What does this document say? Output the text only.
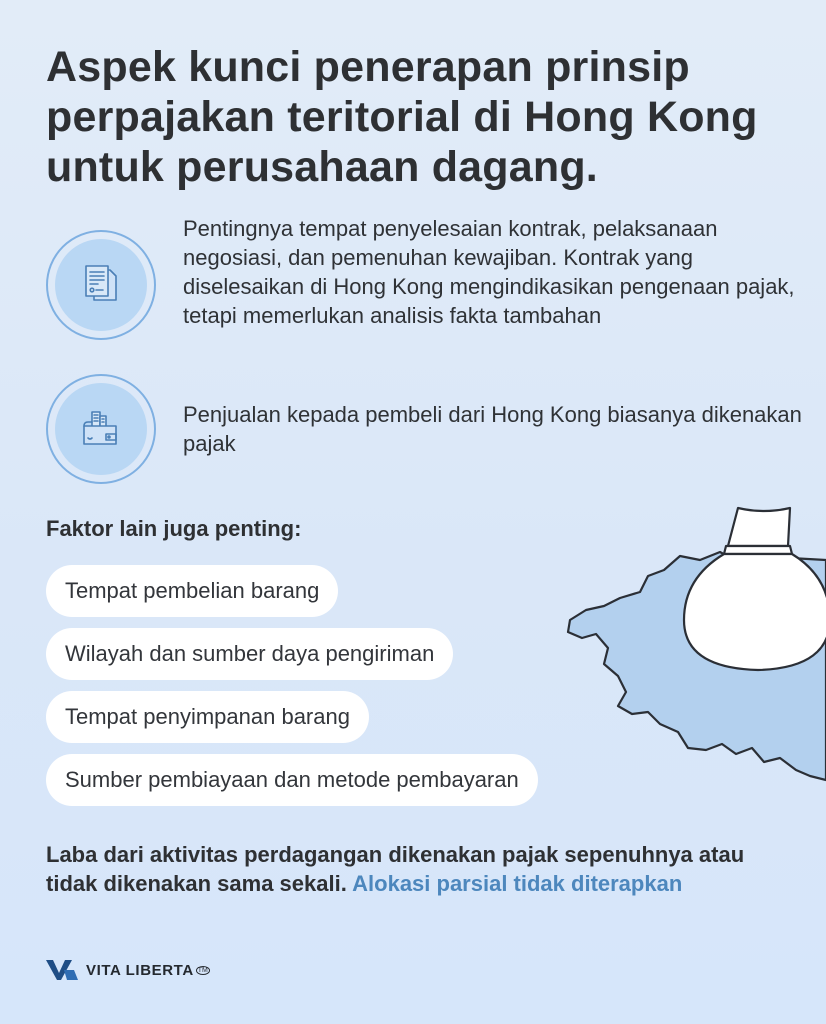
Aspek kunci penerapan prinsip perpajakan teritorial di Hong Kong untuk perusahaan dagang.
Pentingnya tempat penyelesaian kontrak, pelaksanaan negosiasi, dan pemenuhan kewajiban. Kontrak yang diselesaikan di Hong Kong mengindikasikan pengenaan pajak, tetapi memerlukan analisis fakta tambahan
Penjualan kepada pembeli dari Hong Kong biasanya dikenakan pajak
Faktor lain juga penting:
Tempat pembelian barang
Wilayah dan sumber daya pengiriman
Tempat penyimpanan barang
Sumber pembiayaan dan metode pembayaran
Laba dari aktivitas perdagangan dikenakan pajak sepenuhnya atau tidak dikenakan sama sekali. Alokasi parsial tidak diterapkan
VITA LIBERTA TM
